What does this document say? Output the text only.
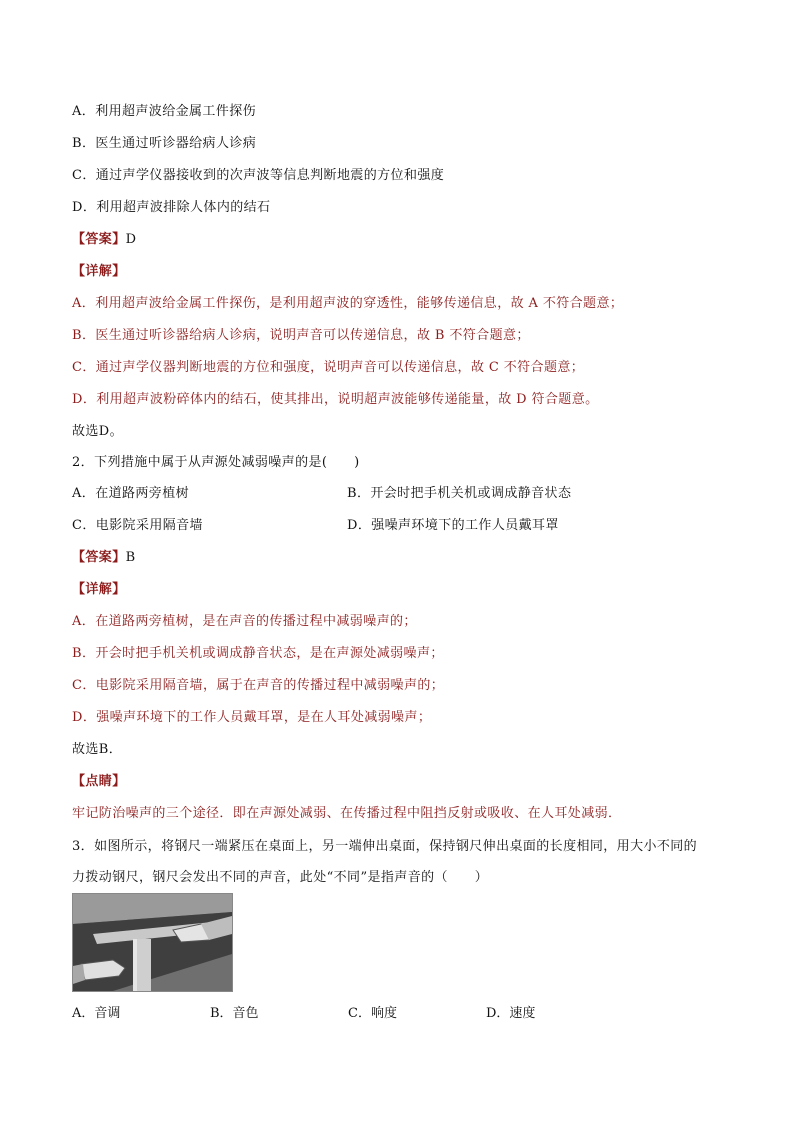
A．利用超声波给金属工件探伤
B．医生通过听诊器给病人诊病
C．通过声学仪器接收到的次声波等信息判断地震的方位和强度
D．利用超声波排除人体内的结石
【答案】D
【详解】
A．利用超声波给金属工件探伤，是利用超声波的穿透性，能够传递信息，故 A 不符合题意；
B．医生通过听诊器给病人诊病，说明声音可以传递信息，故 B 不符合题意；
C．通过声学仪器判断地震的方位和强度，说明声音可以传递信息，故 C 不符合题意；
D．利用超声波粉碎体内的结石，使其排出，说明超声波能够传递能量，故 D 符合题意。
故选D。
2．下列措施中属于从声源处减弱噪声的是(　　)
A．在道路两旁植树	B．开会时把手机关机或调成静音状态
C．电影院采用隔音墙	D．强噪声环境下的工作人员戴耳罩
【答案】B
【详解】
A．在道路两旁植树，是在声音的传播过程中减弱噪声的；
B．开会时把手机关机或调成静音状态，是在声源处减弱噪声；
C．电影院采用隔音墙，属于在声音的传播过程中减弱噪声的；
D．强噪声环境下的工作人员戴耳罩，是在人耳处减弱噪声；
故选B．
【点睛】
牢记防治噪声的三个途径．即在声源处减弱、在传播过程中阻挡反射或吸收、在人耳处减弱．
3．如图所示，将钢尺一端紧压在桌面上，另一端伸出桌面，保持钢尺伸出桌面的长度相同，用大小不同的
力拨动钢尺，钢尺会发出不同的声音，此处“不同”是指声音的（　　）
A．音调	B．音色	C．响度	D．速度
